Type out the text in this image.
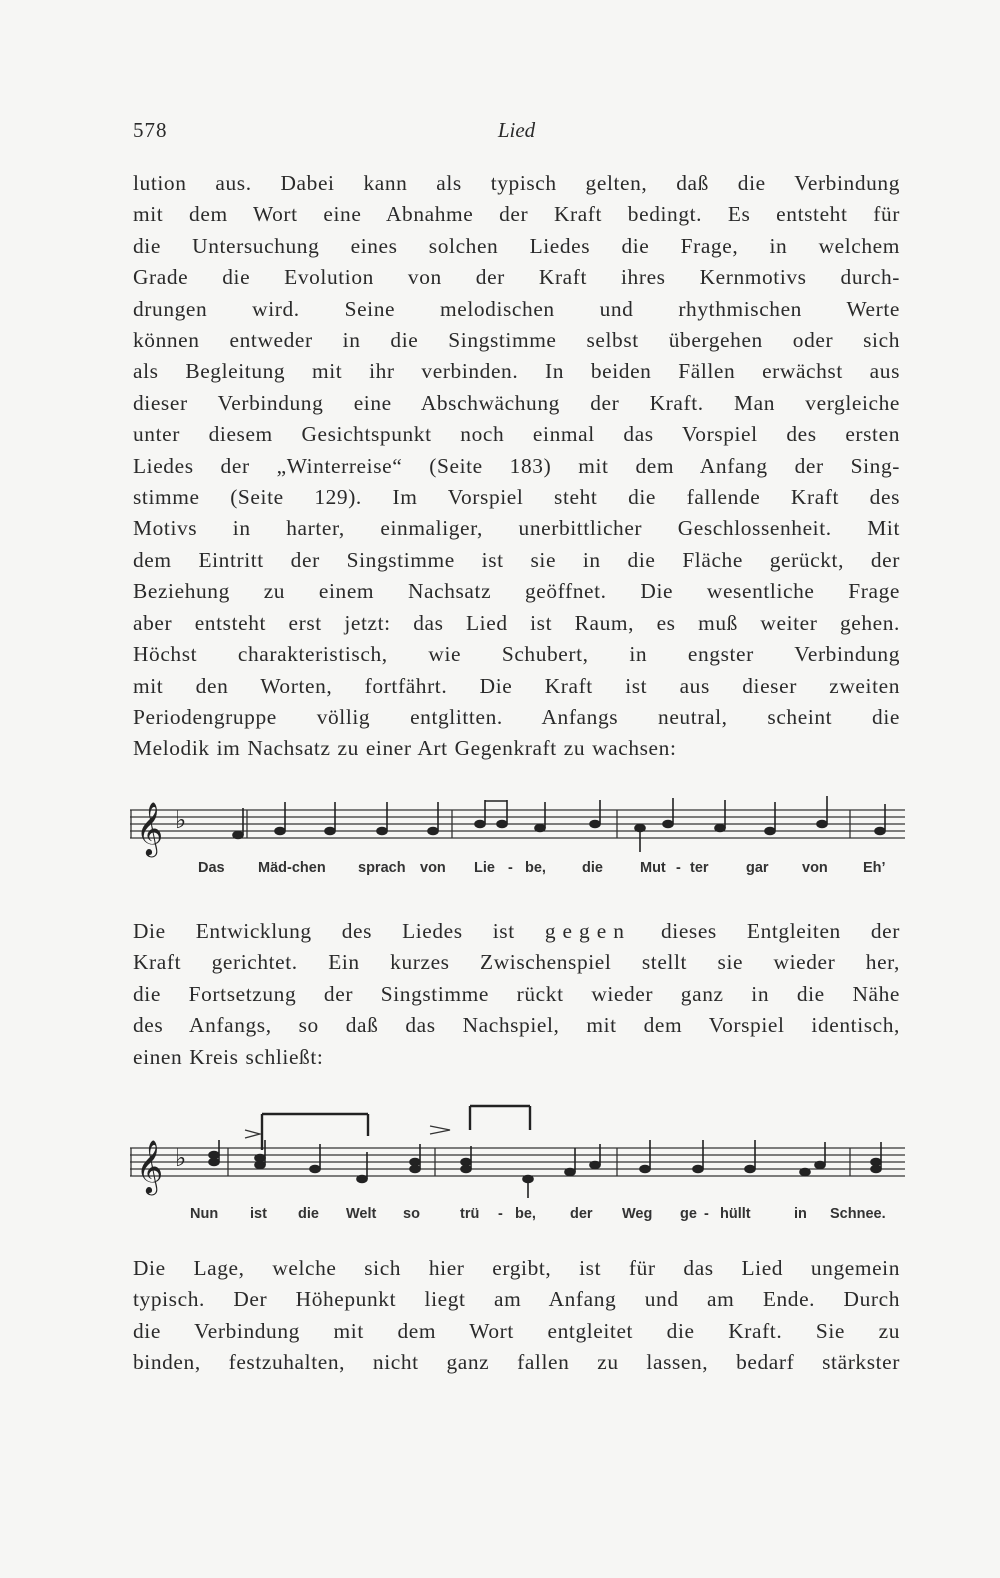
578	Lied

lution aus. Dabei kann als typisch gelten, daß die Verbindung
mit dem Wort eine Abnahme der Kraft bedingt. Es entsteht für
die Untersuchung eines solchen Liedes die Frage, in welchem
Grade die Evolution von der Kraft ihres Kernmotivs durch-
drungen wird. Seine melodischen und rhythmischen Werte
können entweder in die Singstimme selbst übergehen oder sich
als Begleitung mit ihr verbinden. In beiden Fällen erwächst aus
dieser Verbindung eine Abschwächung der Kraft. Man vergleiche
unter diesem Gesichtspunkt noch einmal das Vorspiel des ersten
Liedes der „Winterreise“ (Seite 183) mit dem Anfang der Sing-
stimme (Seite 129). Im Vorspiel steht die fallende Kraft des
Motivs in harter, einmaliger, unerbittlicher Geschlossenheit. Mit
dem Eintritt der Singstimme ist sie in die Fläche gerückt, der
Beziehung zu einem Nachsatz geöffnet. Die wesentliche Frage
aber entsteht erst jetzt: das Lied ist Raum, es muß weiter gehen.
Höchst charakteristisch, wie Schubert, in engster Verbindung
mit den Worten, fortfährt. Die Kraft ist aus dieser zweiten
Periodengruppe völlig entglitten. Anfangs neutral, scheint die
Melodik im Nachsatz zu einer Art Gegenkraft zu wachsen:

𝄞 ♭
Das Mäd-chen sprach von Lie - be, die	Mut - ter	gar von Eh’

Die Entwicklung des Liedes ist gegen dieses Entgleiten der
Kraft gerichtet. Ein kurzes Zwischenspiel stellt sie wieder her,
die Fortsetzung der Singstimme rückt wieder ganz in die Nähe
des Anfangs, so daß das Nachspiel, mit dem Vorspiel identisch,
einen Kreis schließt:

𝄞 ♭
Nun ist die Welt so	trü - be, der Weg ge - hüllt	in Schnee.

Die Lage, welche sich hier ergibt, ist für das Lied ungemein
typisch. Der Höhepunkt liegt am Anfang und am Ende. Durch
die Verbindung mit dem Wort entgleitet die Kraft. Sie zu
binden, festzuhalten, nicht ganz fallen zu lassen, bedarf stärkster
